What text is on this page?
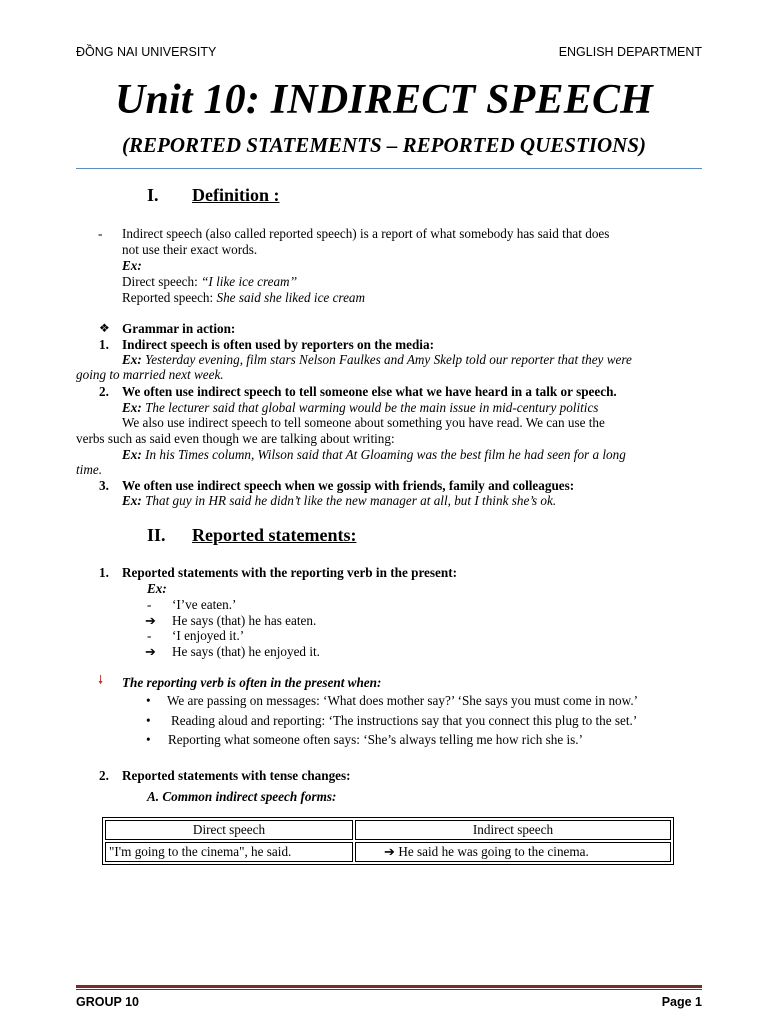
ĐỒNG NAI UNIVERSITY	ENGLISH DEPARTMENT
Unit 10: INDIRECT SPEECH
(REPORTED STATEMENTS – REPORTED QUESTIONS)
I. Definition :
- Indirect speech (also called reported speech) is a report of what somebody has said that does
not use their exact words.
Ex:
Direct speech: “I like ice cream’’
Reported speech: She said she liked ice cream
❖ Grammar in action:
1. Indirect speech is often used by reporters on the media:
Ex: Yesterday evening, film stars Nelson Faulkes and Amy Skelp told our reporter that they were
going to married next week.
2. We often use indirect speech to tell someone else what we have heard in a talk or speech.
Ex: The lecturer said that global warming would be the main issue in mid-century politics
We also use indirect speech to tell someone about something you have read. We can use the
verbs such as said even though we are talking about writing:
Ex: In his Times column, Wilson said that At Gloaming was the best film he had seen for a long
time.
3. We often use indirect speech when we gossip with friends, family and colleagues:
Ex: That guy in HR said he didn’t like the new manager at all, but I think she’s ok.
II. Reported statements:
1. Reported statements with the reporting verb in the present:
Ex:
- ‘I’ve eaten.’
➔ He says (that) he has eaten.
- ‘I enjoyed it.’
➔ He says (that) he enjoyed it.
🠗 The reporting verb is often in the present when:
• We are passing on messages: ‘What does mother say?’ ‘She says you must come in now.’
• Reading aloud and reporting: ‘The instructions say that you connect this plug to the set.’
• Reporting what someone often says: ‘She’s always telling me how rich she is.’
2. Reported statements with tense changes:
A. Common indirect speech forms:
Direct speech	Indirect speech
"I'm going to the cinema", he said.	➔ He said he was going to the cinema.
GROUP 10	Page 1
